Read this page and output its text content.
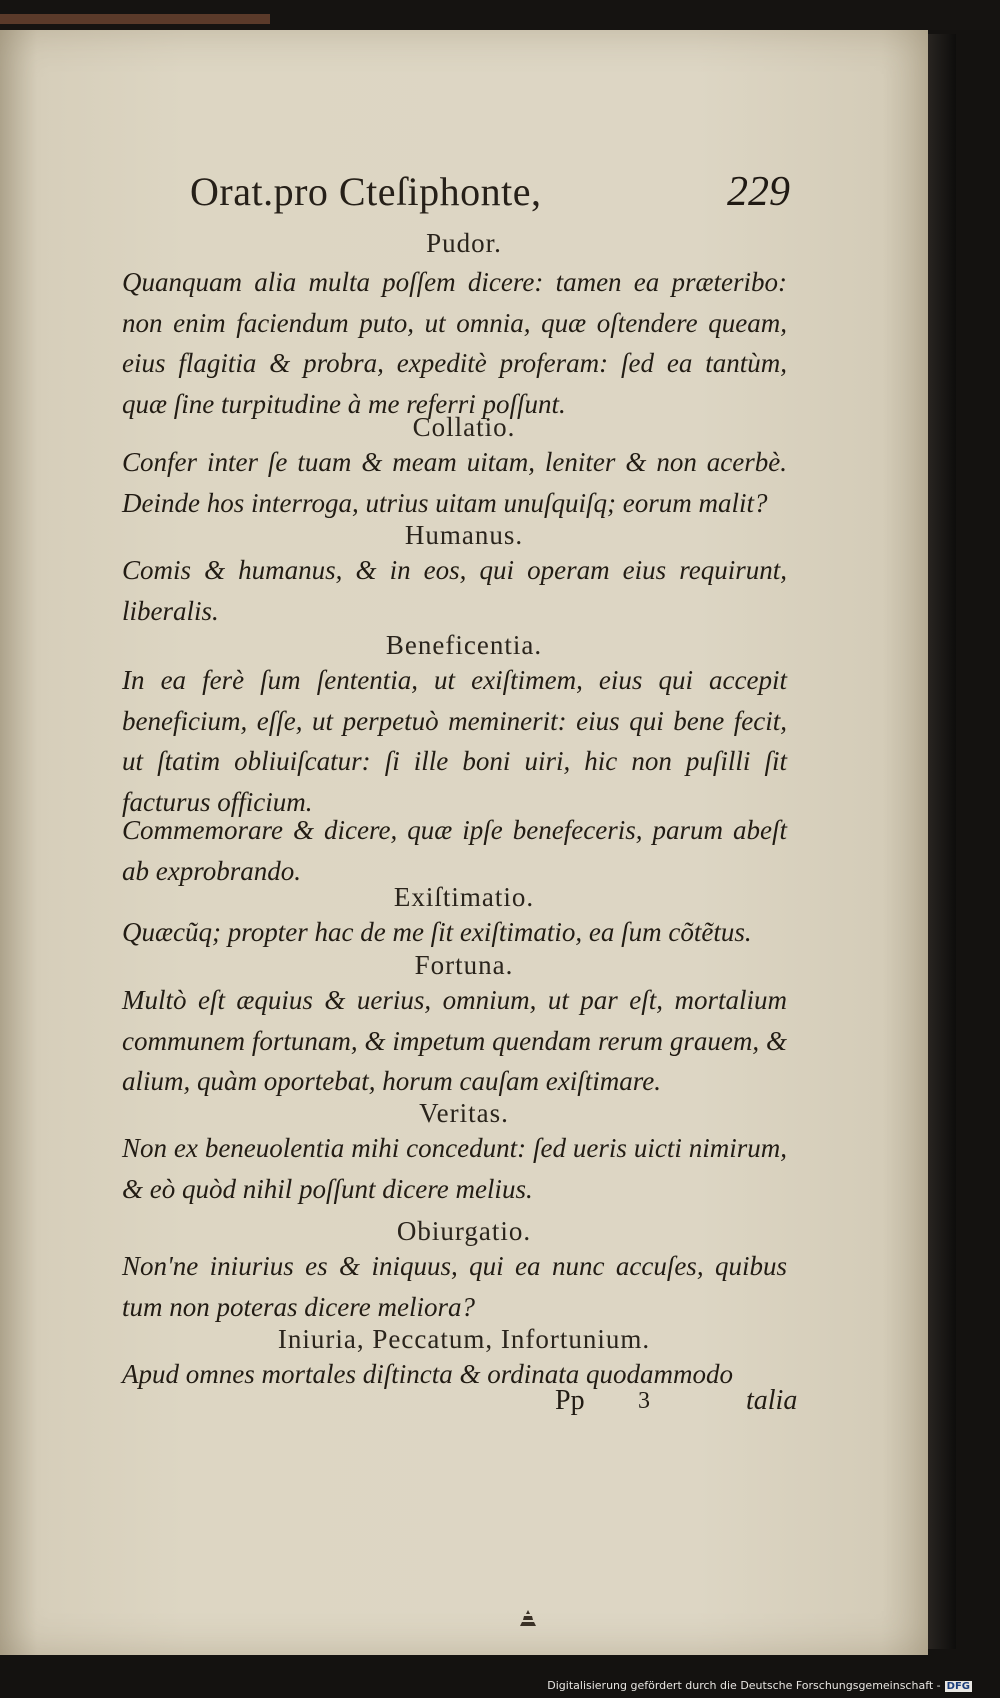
Orat.pro Cteſiphonte,	229
Pudor.
Quanquam alia multa poſſem dicere: tamen ea præteribo: non enim faciendum puto, ut omnia, quæ oſtendere queam, eius flagitia & probra, expeditè proferam: ſed ea tantùm, quæ ſine turpitudine à me referri poſſunt.
Collatio.
Confer inter ſe tuam & meam uitam, leniter & non acerbè. Deinde hos interroga, utrius uitam unuſquiſq; eorum malit?
Humanus.
Comis & humanus, & in eos, qui operam eius requirunt, liberalis.
Beneficentia.
In ea ferè ſum ſententia, ut exiſtimem, eius qui accepit beneficium, eſſe, ut perpetuò meminerit: eius qui bene fecit, ut ſtatim obliuiſcatur: ſi ille boni uiri, hic non puſilli ſit facturus officium.
Commemorare & dicere, quæ ipſe benefeceris, parum abeſt ab exprobrando.
Exiſtimatio.
Quæcũq; propter hac de me ſit exiſtimatio, ea ſum cõtẽtus.
Fortuna.
Multò eſt æquius & uerius, omnium, ut par eſt, mortalium communem fortunam, & impetum quendam rerum grauem, & alium, quàm oportebat, horum cauſam exiſtimare.
Veritas.
Non ex beneuolentia mihi concedunt: ſed ueris uicti nimirum, & eò quòd nihil poſſunt dicere melius.
Obiurgatio.
Non'ne iniurius es & iniquus, qui ea nunc accuſes, quibus tum non poteras dicere meliora?
Iniuria, Peccatum, Infortunium.
Apud omnes mortales diſtincta & ordinata quodammodo
Pp 3	talia
Digitalisierung gefördert durch die Deutsche Forschungsgemeinschaft - DFG
